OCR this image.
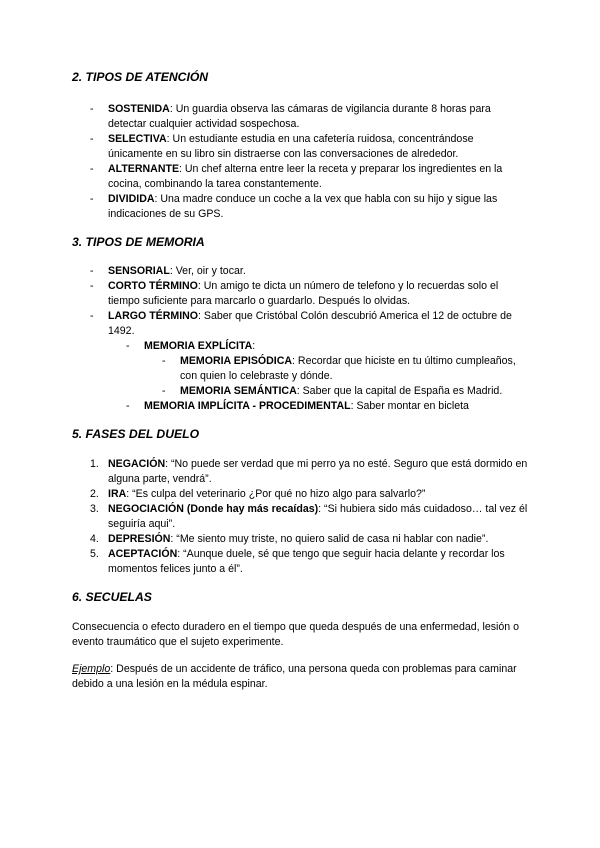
2. TIPOS DE ATENCIÓN
- SOSTENIDA: Un guardia observa las cámaras de vigilancia durante 8 horas para detectar cualquier actividad sospechosa.
- SELECTIVA: Un estudiante estudia en una cafetería ruidosa, concentrándose únicamente en su libro sin distraerse con las conversaciones de alrededor.
- ALTERNANTE: Un chef alterna entre leer la receta y preparar los ingredientes en la cocina, combinando la tarea constantemente.
- DIVIDIDA: Una madre conduce un coche a la vex que habla con su hijo y sigue las indicaciones de su GPS.
3. TIPOS DE MEMORIA
- SENSORIAL: Ver, oir y tocar.
- CORTO TÉRMINO: Un amigo te dicta un número de telefono y lo recuerdas solo el tiempo suficiente para marcarlo o guardarlo. Después lo olvidas.
- LARGO TÉRMINO: Saber que Cristóbal Colón descubrió America el 12 de octubre de 1492.
- MEMORIA EXPLÍCITA:
- MEMORIA EPISÓDICA: Recordar que hiciste en tu último cumpleaños, con quien lo celebraste y dónde.
- MEMORIA SEMÁNTICA: Saber que la capital de España es Madrid.
- MEMORIA IMPLÍCITA - PROCEDIMENTAL: Saber montar en bicleta
5. FASES DEL DUELO
1. NEGACIÓN: “No puede ser verdad que mi perro ya no esté. Seguro que está dormido en alguna parte, vendrá”.
2. IRA: “Es culpa del veterinario ¿Por qué no hizo algo para salvarlo?”
3. NEGOCIACIÓN (Donde hay más recaídas): “Si hubiera sido más cuidadoso… tal vez él seguiría aqui”.
4. DEPRESIÓN: “Me siento muy triste, no quiero salid de casa ni hablar con nadie”.
5. ACEPTACIÓN: “Aunque duele, sé que tengo que seguir hacia delante y recordar los momentos felices junto a él”.
6. SECUELAS

Consecuencia o efecto duradero en el tiempo que queda después de una enfermedad, lesión o evento traumático que el sujeto experimente.

Ejemplo: Después de un accidente de tráfico, una persona queda con problemas para caminar debido a una lesión en la médula espinar.
